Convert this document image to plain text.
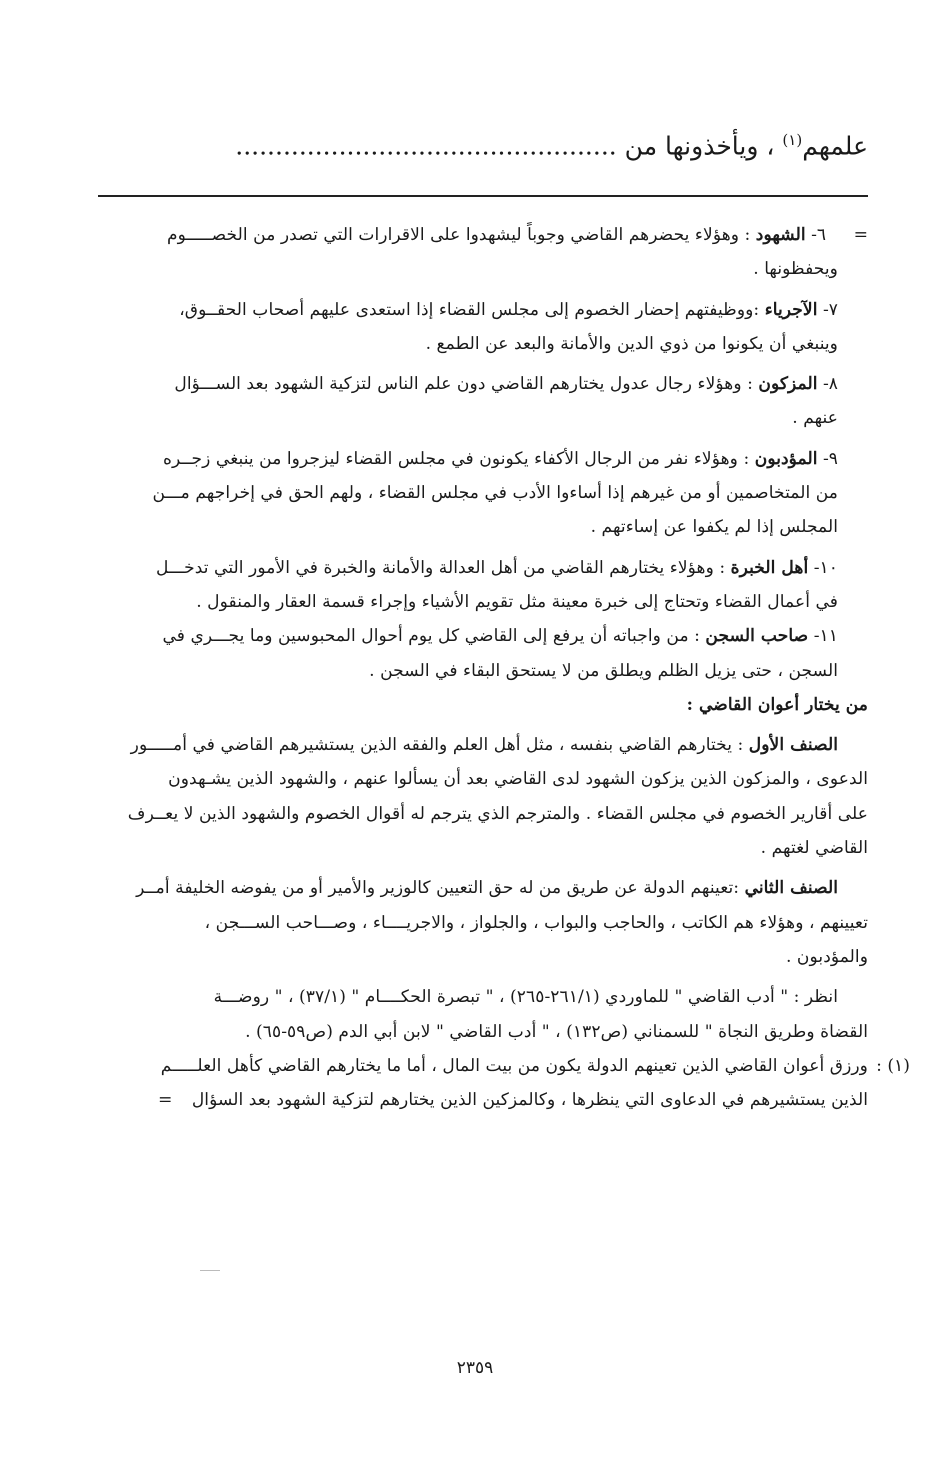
علمهم$^{(١)}$ ، ويأخذونها من ................................................

= ٦- الشهود : وهؤلاء يحضرهم القاضي وجوباً ليشهدوا على الاقرارات التي تصدر من الخصـــــوم

ويحفظونها .

٧- الآجرياء :ووظيفتهم إحضار الخصوم إلى مجلس القضاء إذا استعدى عليهم أصحاب الحقــوق،

وينبغي أن يكونوا من ذوي الدين والأمانة والبعد عن الطمع .

٨- المزكون : وهؤلاء رجال عدول يختارهم القاضي دون علم الناس لتزكية الشهود بعد الســـؤال

عنهم .

٩- المؤدبون : وهؤلاء نفر من الرجال الأكفاء يكونون في مجلس القضاء ليزجروا من ينبغي زجــره

من المتخاصمين أو من غيرهم إذا أساءوا الأدب في مجلس القضاء ، ولهم الحق في إخراجهم مـــن

المجلس إذا لم يكفوا عن إساءتهم .

١٠- أهل الخبرة : وهؤلاء يختارهم القاضي من أهل العدالة والأمانة والخبرة في الأمور التي تدخـــل

في أعمال القضاء وتحتاج إلى خبرة معينة مثل تقويم الأشياء وإجراء قسمة العقار والمنقول .

١١- صاحب السجن : من واجباته أن يرفع إلى القاضي كل يوم أحوال المحبوسين وما يجـــري في

السجن ، حتى يزيل الظلم ويطلق من لا يستحق البقاء في السجن .

من يختار أعوان القاضي :

الصنف الأول : يختارهم القاضي بنفسه ، مثل أهل العلم والفقه الذين يستشيرهم القاضي في أمـــــور

الدعوى ، والمزكون الذين يزكون الشهود لدى القاضي بعد أن يسألوا عنهم ، والشهود الذين يشـهدون

على أقارير الخصوم في مجلس القضاء . والمترجم الذي يترجم له أقوال الخصوم والشهود الذين لا يعــرف

القاضي لغتهم .

الصنف الثاني :تعينهم الدولة عن طريق من له حق التعيين كالوزير والأمير أو من يفوضه الخليفة أمــر

تعيينهم ، وهؤلاء هم الكاتب ، والحاجب والبواب ، والجلواز ، والاجريــــاء ، وصـــاحب الســـجن ،

والمؤدبون .

انظر : " أدب القاضي " للماوردي (٢٦١/١-٢٦٥) ، " تبصرة الحكــــام " (٣٧/١) ، " روضـــة

القضاة وطريق النجاة " للسمناني (ص١٣٢) ، " أدب القاضي " لابن أبي الدم (ص٥٩-٦٥) .

(١) :
ورزق أعوان القاضي الذين تعينهم الدولة يكون من بيت المال ، أما ما يختارهم القاضي كأهل العلـــــم

الذين يستشيرهم في الدعاوى التي ينظرها ، وكالمزكين الذين يختارهم لتزكية الشهود بعد السؤال =

٢٣٥٩
